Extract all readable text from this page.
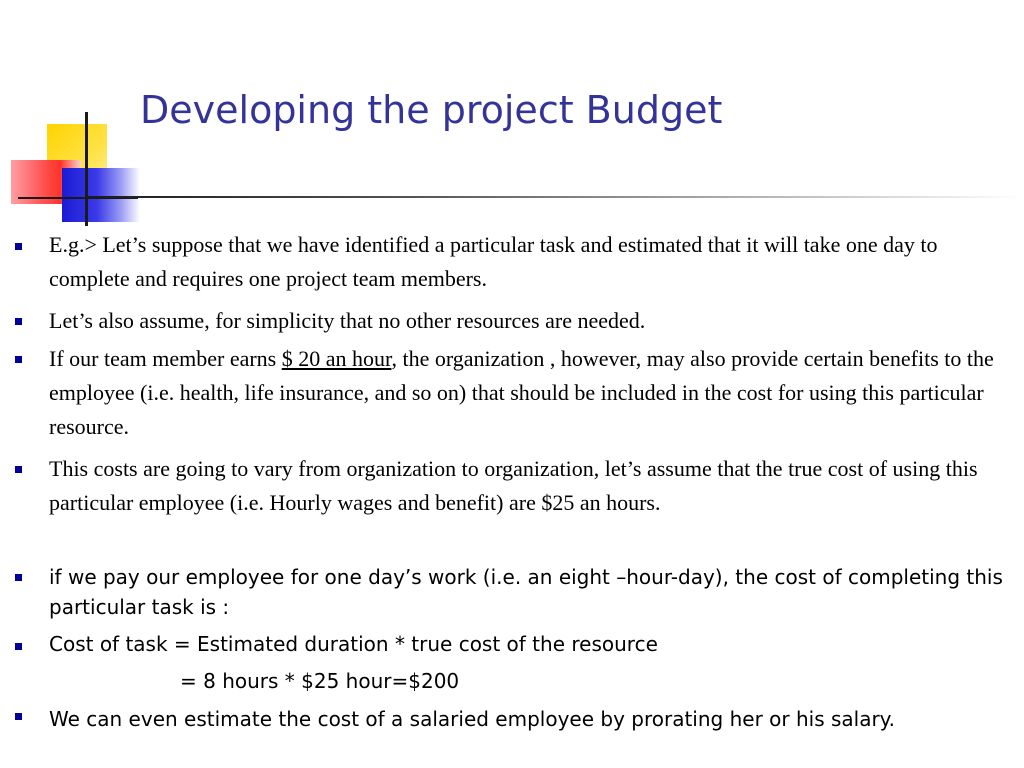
Developing the project Budget
E.g.> Let’s suppose that we have identified a particular task and estimated that it will take one day to complete and requires one project team members.
Let’s also assume, for simplicity that no other resources are needed.
If our team member earns $ 20 an hour, the organization , however, may also provide certain benefits to the employee (i.e. health, life insurance, and so on) that should be included in the cost for using this particular resource.
This costs are going to vary from organization to organization, let’s assume that the true cost of using this particular employee (i.e. Hourly wages and benefit) are $25 an hours.
if we pay our employee for one day’s work (i.e. an eight –hour-day), the cost of completing this particular task is :
Cost of task = Estimated duration * true cost of the resource
We can even estimate the cost of a salaried employee by prorating her or his salary.
= 8 hours * $25 hour=$200
